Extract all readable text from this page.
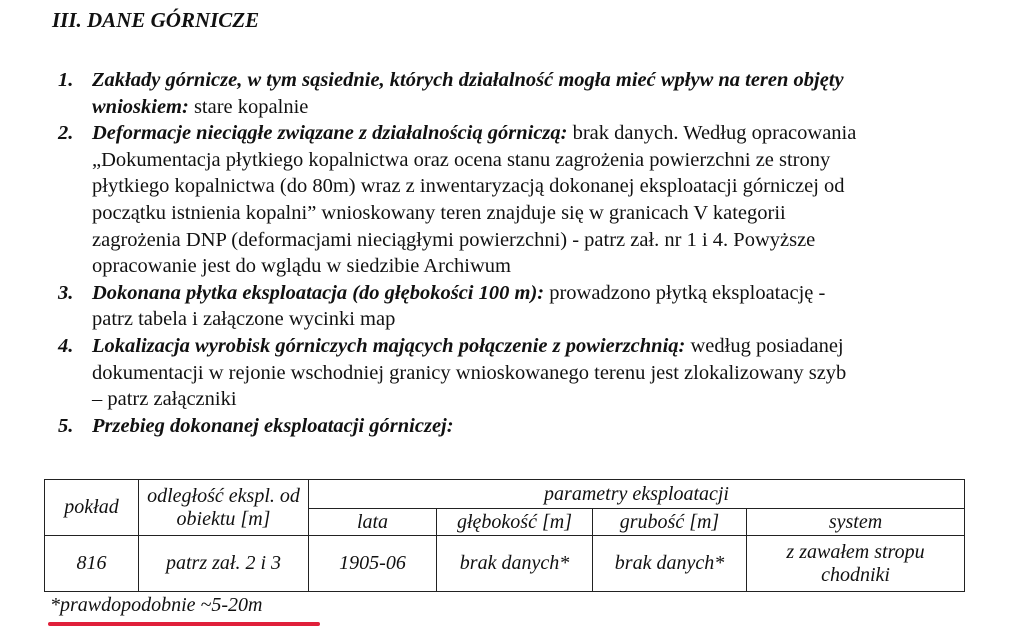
III. DANE GÓRNICZE
1. Zakłady górnicze, w tym sąsiednie, których działalność mogła mieć wpływ na teren objęty
wnioskiem: stare kopalnie
2. Deformacje nieciągłe związane z działalnością górniczą: brak danych. Według opracowania
„Dokumentacja płytkiego kopalnictwa oraz ocena stanu zagrożenia powierzchni ze strony
płytkiego kopalnictwa (do 80m) wraz z inwentaryzacją dokonanej eksploatacji górniczej od
początku istnienia kopalni” wnioskowany teren znajduje się w granicach V kategorii
zagrożenia DNP (deformacjami nieciągłymi powierzchni) - patrz zał. nr 1 i 4. Powyższe
opracowanie jest do wglądu w siedzibie Archiwum
3. Dokonana płytka eksploatacja (do głębokości 100 m): prowadzono płytką eksploatację -
patrz tabela i załączone wycinki map
4. Lokalizacja wyrobisk górniczych mających połączenie z powierzchnią: według posiadanej
dokumentacji w rejonie wschodniej granicy wnioskowanego terenu jest zlokalizowany szyb
– patrz załączniki
5. Przebieg dokonanej eksploatacji górniczej:
pokład	odległość ekspl. od obiektu [m]	parametry eksploatacji			
		lata	głębokość [m]	grubość [m]	system
816	patrz zał. 2 i 3	1905-06	brak danych*	brak danych*	z zawałem stropu chodniki
*prawdopodobnie ~5-20m
